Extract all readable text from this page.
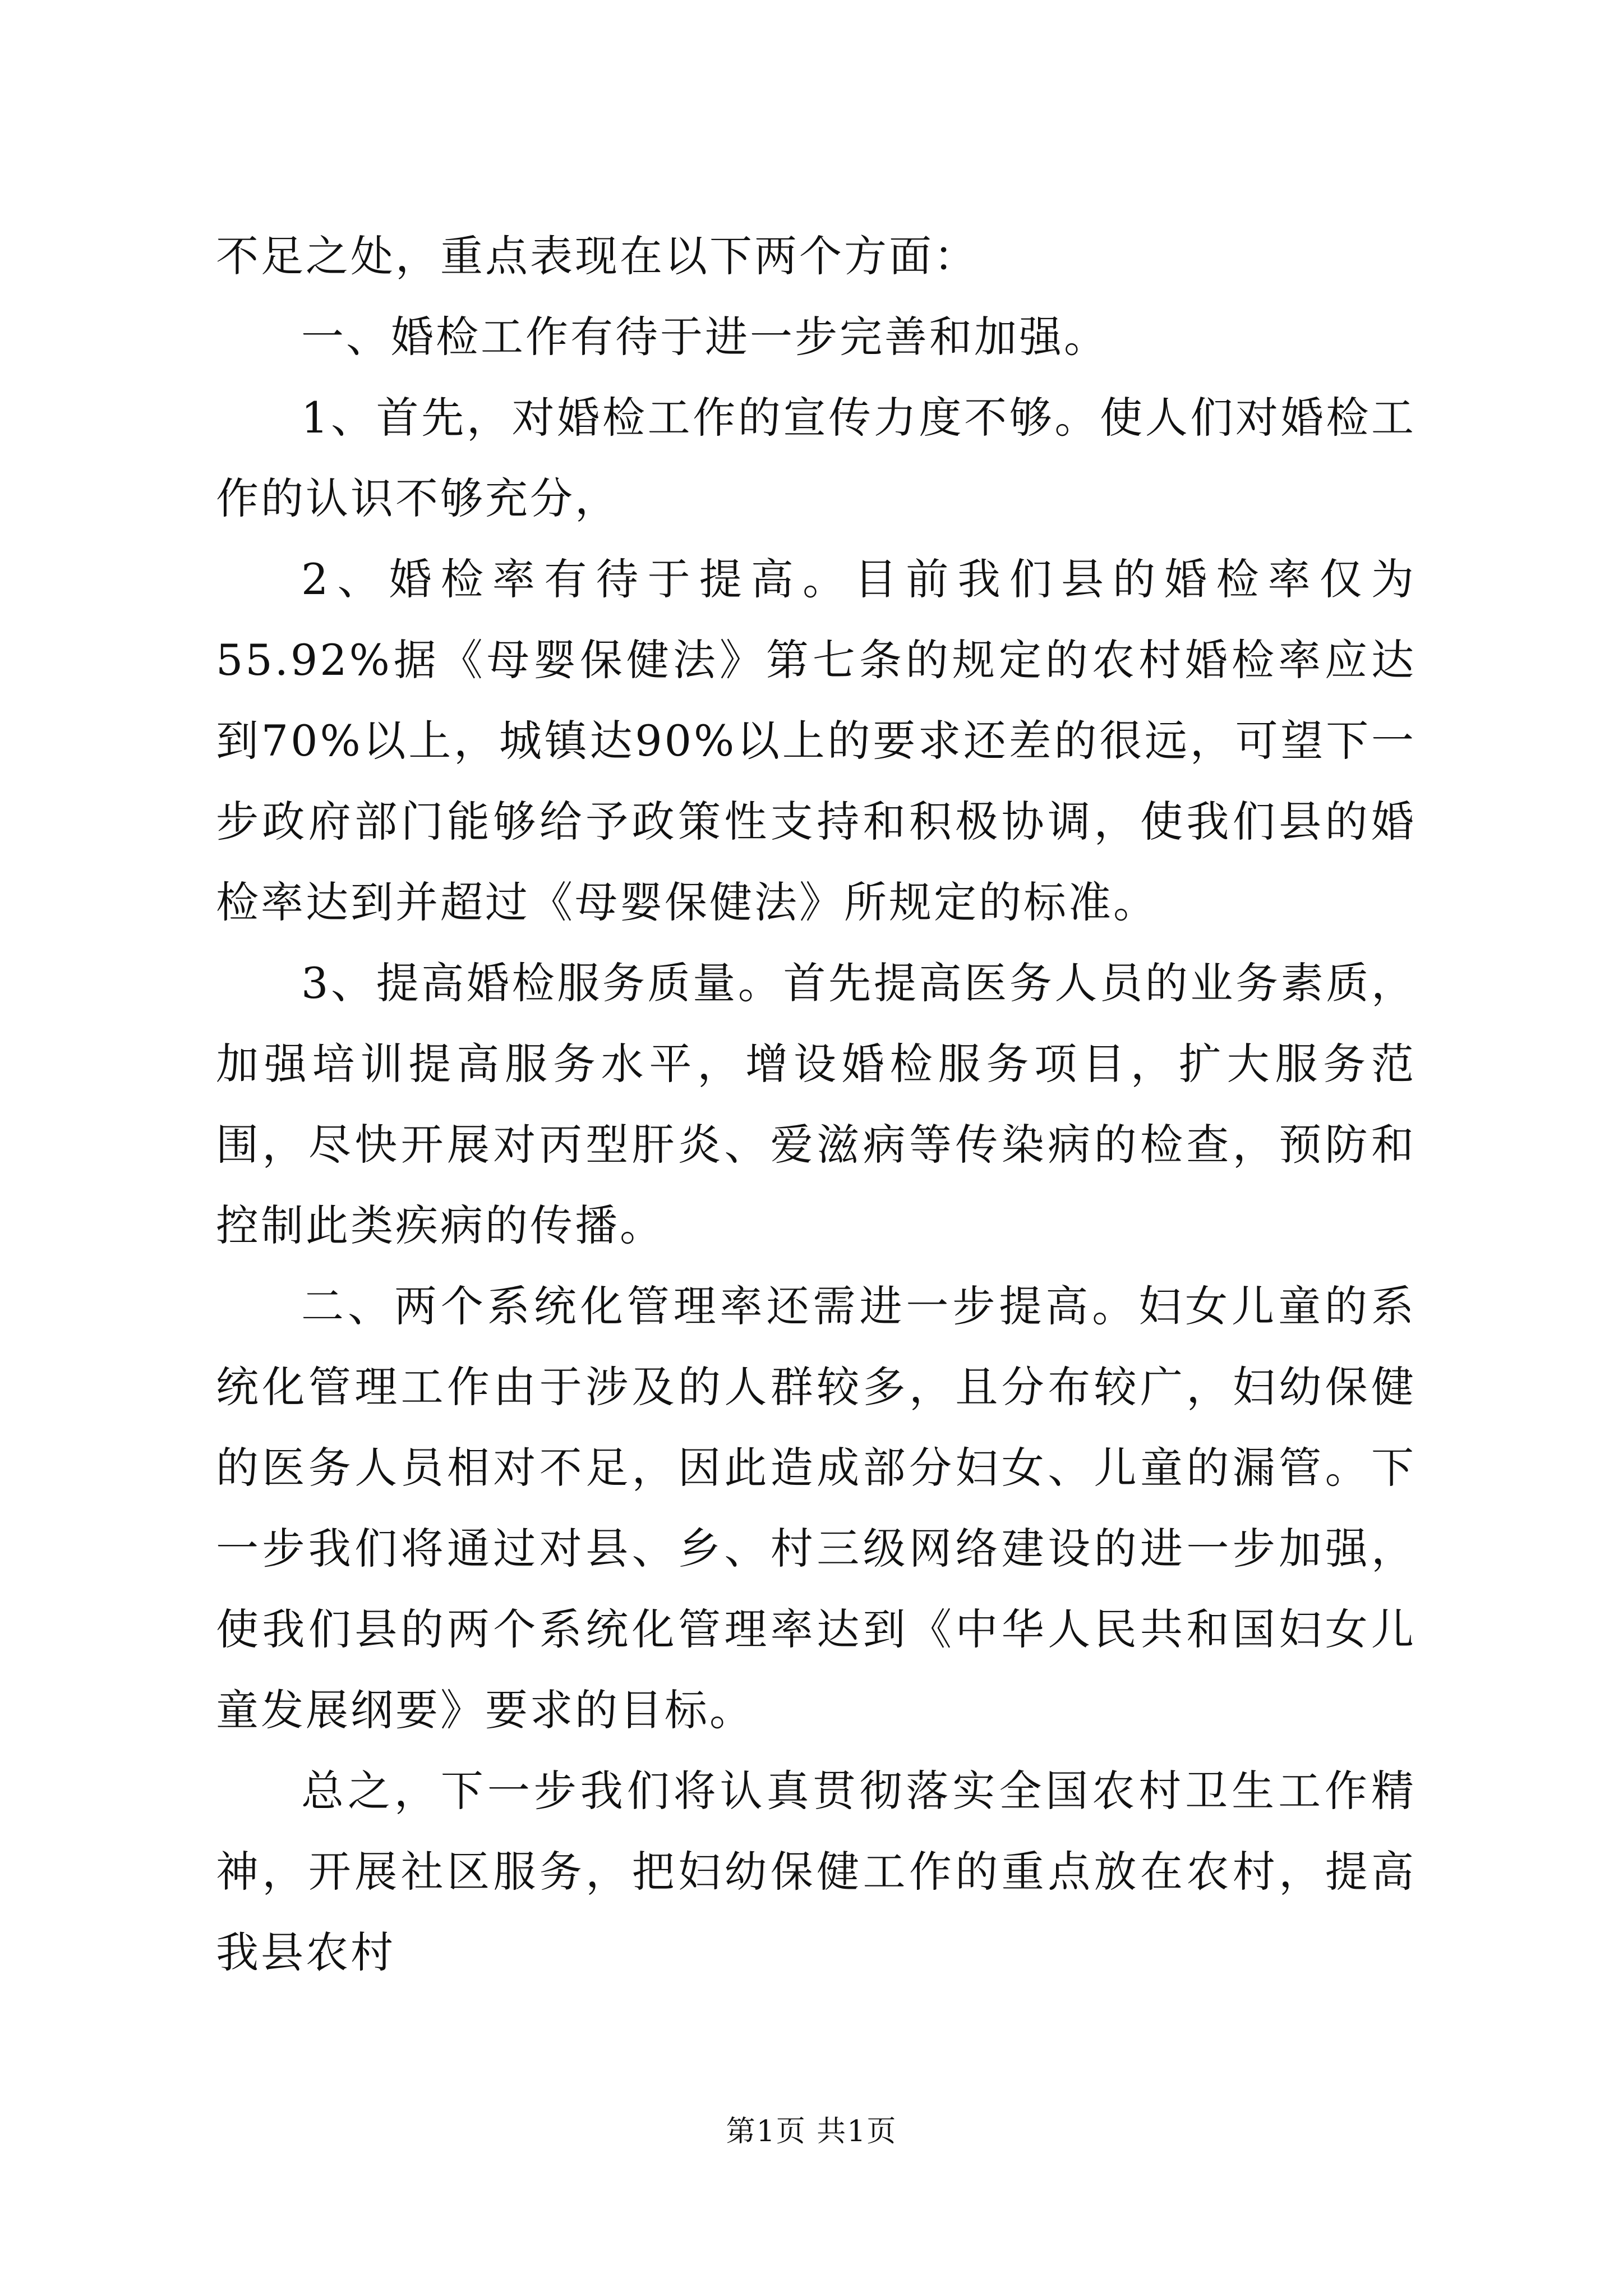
不足之处，重点表现在以下两个方面：

一、婚检工作有待于进一步完善和加强。

1、首先，对婚检工作的宣传力度不够。使人们对婚检工作的认识不够充分，

2、婚检率有待于提高。目前我们县的婚检率仅为55.92%据《母婴保健法》第七条的规定的农村婚检率应达到70%以上，城镇达90%以上的要求还差的很远，可望下一步政府部门能够给予政策性支持和积极协调，使我们县的婚检率达到并超过《母婴保健法》所规定的标准。

3、提高婚检服务质量。首先提高医务人员的业务素质，加强培训提高服务水平，增设婚检服务项目，扩大服务范围，尽快开展对丙型肝炎、爱滋病等传染病的检查，预防和控制此类疾病的传播。

二、两个系统化管理率还需进一步提高。妇女儿童的系统化管理工作由于涉及的人群较多，且分布较广，妇幼保健的医务人员相对不足，因此造成部分妇女、儿童的漏管。下一步我们将通过对县、乡、村三级网络建设的进一步加强，使我们县的两个系统化管理率达到《中华人民共和国妇女儿童发展纲要》要求的目标。

总之，下一步我们将认真贯彻落实全国农村卫生工作精神，开展社区服务，把妇幼保健工作的重点放在农村，提高我县农村

第1页 共1页
